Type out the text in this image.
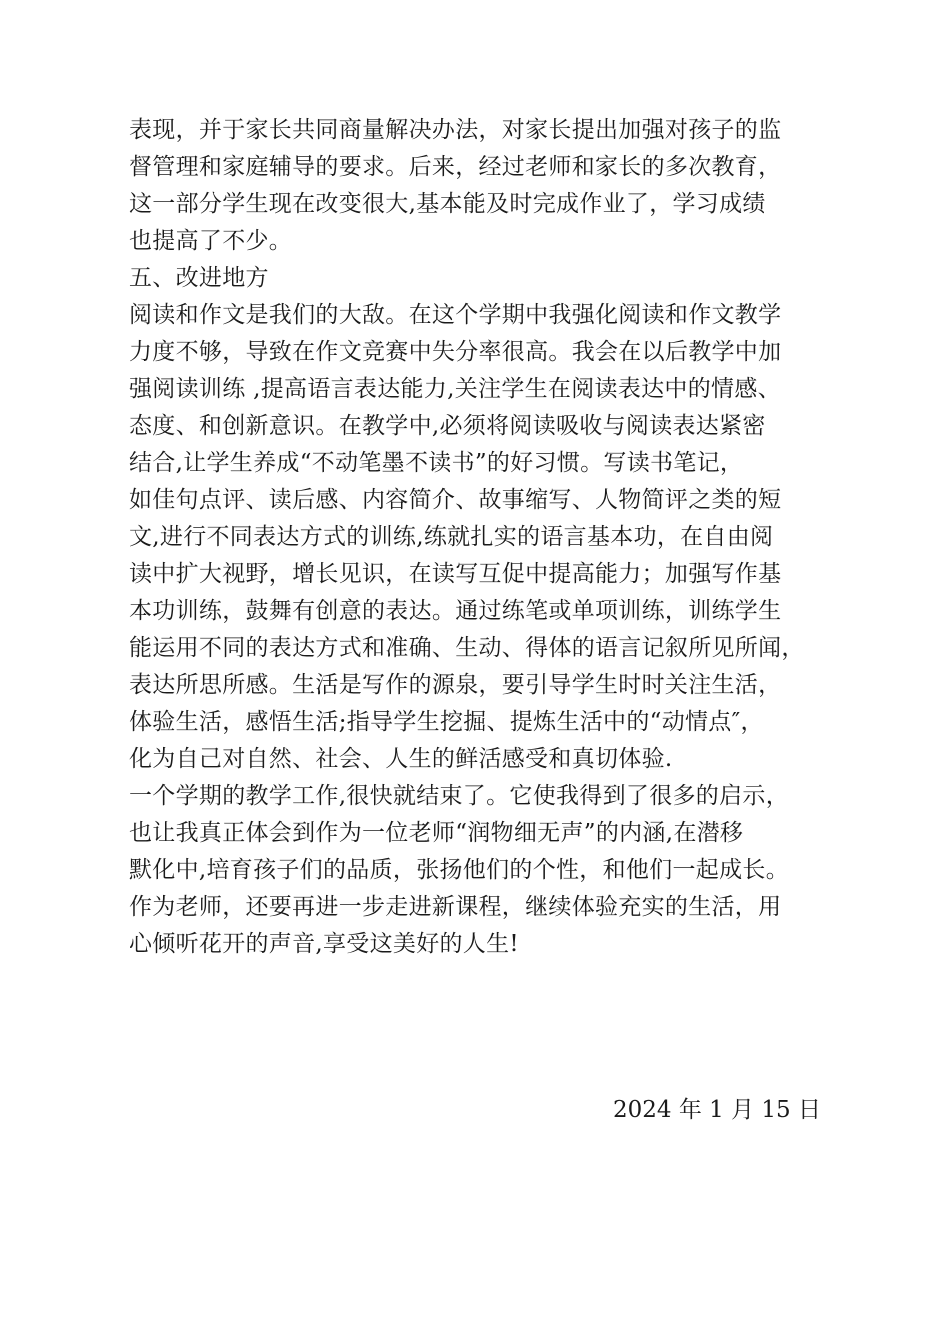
表现，并于家长共同商量解决办法，对家长提出加强对孩子的监
督管理和家庭辅导的要求。后来，经过老师和家长的多次教育，
这一部分学生现在改变很大,基本能及时完成作业了，学习成绩
也提高了不少。
五、改进地方
阅读和作文是我们的大敌。在这个学期中我强化阅读和作文教学
力度不够，导致在作文竞赛中失分率很高。我会在以后教学中加
强阅读训练 ,提高语言表达能力,关注学生在阅读表达中的情感、
态度、和创新意识。在教学中,必须将阅读吸收与阅读表达紧密
结合,让学生养成“不动笔墨不读书”的好习惯。写读书笔记，
如佳句点评、读后感、内容简介、故事缩写、人物简评之类的短
文,进行不同表达方式的训练,练就扎实的语言基本功，在自由阅
读中扩大视野，增长见识，在读写互促中提高能力；加强写作基
本功训练，鼓舞有创意的表达。通过练笔或单项训练，训练学生
能运用不同的表达方式和准确、生动、得体的语言记叙所见所闻，
表达所思所感。生活是写作的源泉，要引导学生时时关注生活，
体验生活，感悟生活;指导学生挖掘、提炼生活中的“动情点″，
化为自己对自然、社会、人生的鲜活感受和真切体验.
一个学期的教学工作,很快就结束了。它使我得到了很多的启示，
也让我真正体会到作为一位老师“润物细无声”的内涵,在潜移
默化中,培育孩子们的品质，张扬他们的个性，和他们一起成长。
作为老师，还要再进一步走进新课程，继续体验充实的生活，用
心倾听花开的声音,享受这美好的人生!
2024 年 1 月 15 日
